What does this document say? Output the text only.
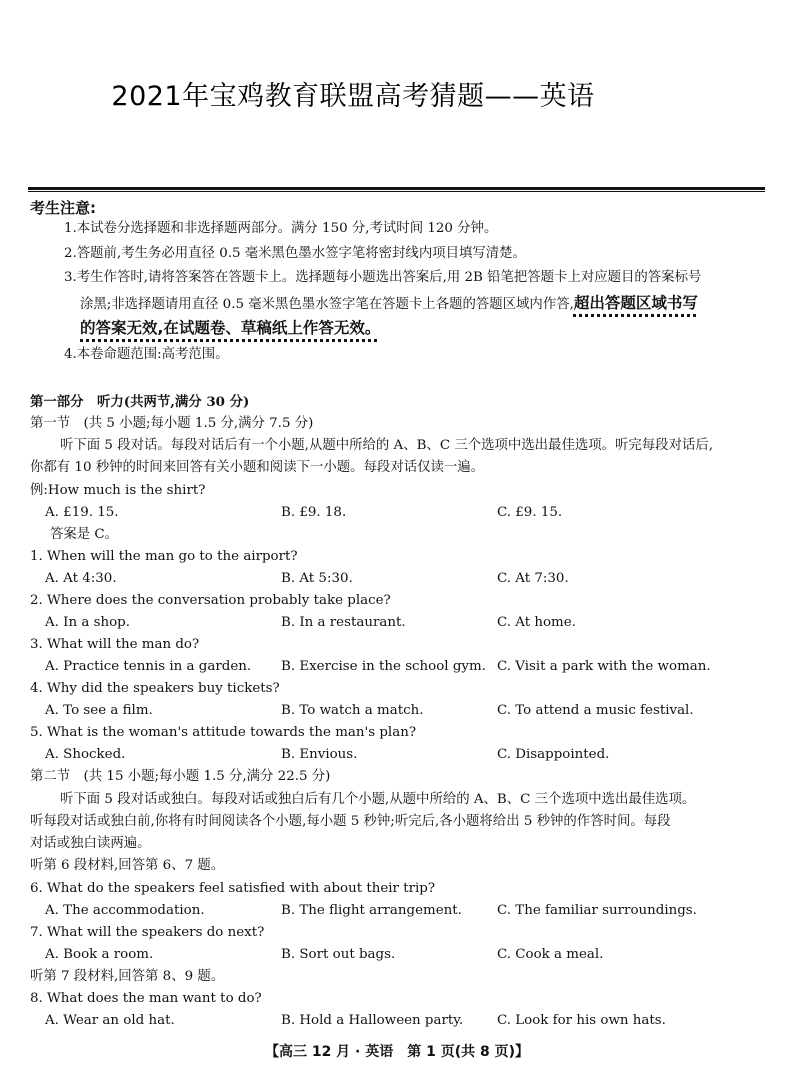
2021年宝鸡教育联盟高考猜题——英语
考生注意:
1.本试卷分选择题和非选择题两部分。满分 150 分,考试时间 120 分钟。
2.答题前,考生务必用直径 0.5 毫米黑色墨水签字笔将密封线内项目填写清楚。
3.考生作答时,请将答案答在答题卡上。选择题每小题选出答案后,用 2B 铅笔把答题卡上对应题目的答案标号
涂黑;非选择题请用直径 0.5 毫米黑色墨水签字笔在答题卡上各题的答题区域内作答,超出答题区域书写
的答案无效,在试题卷、草稿纸上作答无效。
4.本卷命题范围:高考范围。
第一部分　听力(共两节,满分 30 分)
第一节　(共 5 小题;每小题 1.5 分,满分 7.5 分)
听下面 5 段对话。每段对话后有一个小题,从题中所给的 A、B、C 三个选项中选出最佳选项。听完每段对话后,
你都有 10 秒钟的时间来回答有关小题和阅读下一小题。每段对话仅读一遍。
例:How much is the shirt?
A. £19. 15.	B. £9. 18.	C. £9. 15.
答案是 C。
1. When will the man go to the airport?
A. At 4:30.	B. At 5:30.	C. At 7:30.
2. Where does the conversation probably take place?
A. In a shop.	B. In a restaurant.	C. At home.
3. What will the man do?
A. Practice tennis in a garden. B. Exercise in the school gym. C. Visit a park with the woman.
4. Why did the speakers buy tickets?
A. To see a film.	B. To watch a match.	C. To attend a music festival.
5. What is the woman's attitude towards the man's plan?
A. Shocked.	B. Envious.	C. Disappointed.
第二节　(共 15 小题;每小题 1.5 分,满分 22.5 分)
听下面 5 段对话或独白。每段对话或独白后有几个小题,从题中所给的 A、B、C 三个选项中选出最佳选项。
听每段对话或独白前,你将有时间阅读各个小题,每小题 5 秒钟;听完后,各小题将给出 5 秒钟的作答时间。每段
对话或独白读两遍。
听第 6 段材料,回答第 6、7 题。
6. What do the speakers feel satisfied with about their trip?
A. The accommodation.	B. The flight arrangement.	C. The familiar surroundings.
7. What will the speakers do next?
A. Book a room.	B. Sort out bags.	C. Cook a meal.
听第 7 段材料,回答第 8、9 题。
8. What does the man want to do?
A. Wear an old hat.	B. Hold a Halloween party.	C. Look for his own hats.
【高三 12 月 · 英语　第 1 页(共 8 页)】
